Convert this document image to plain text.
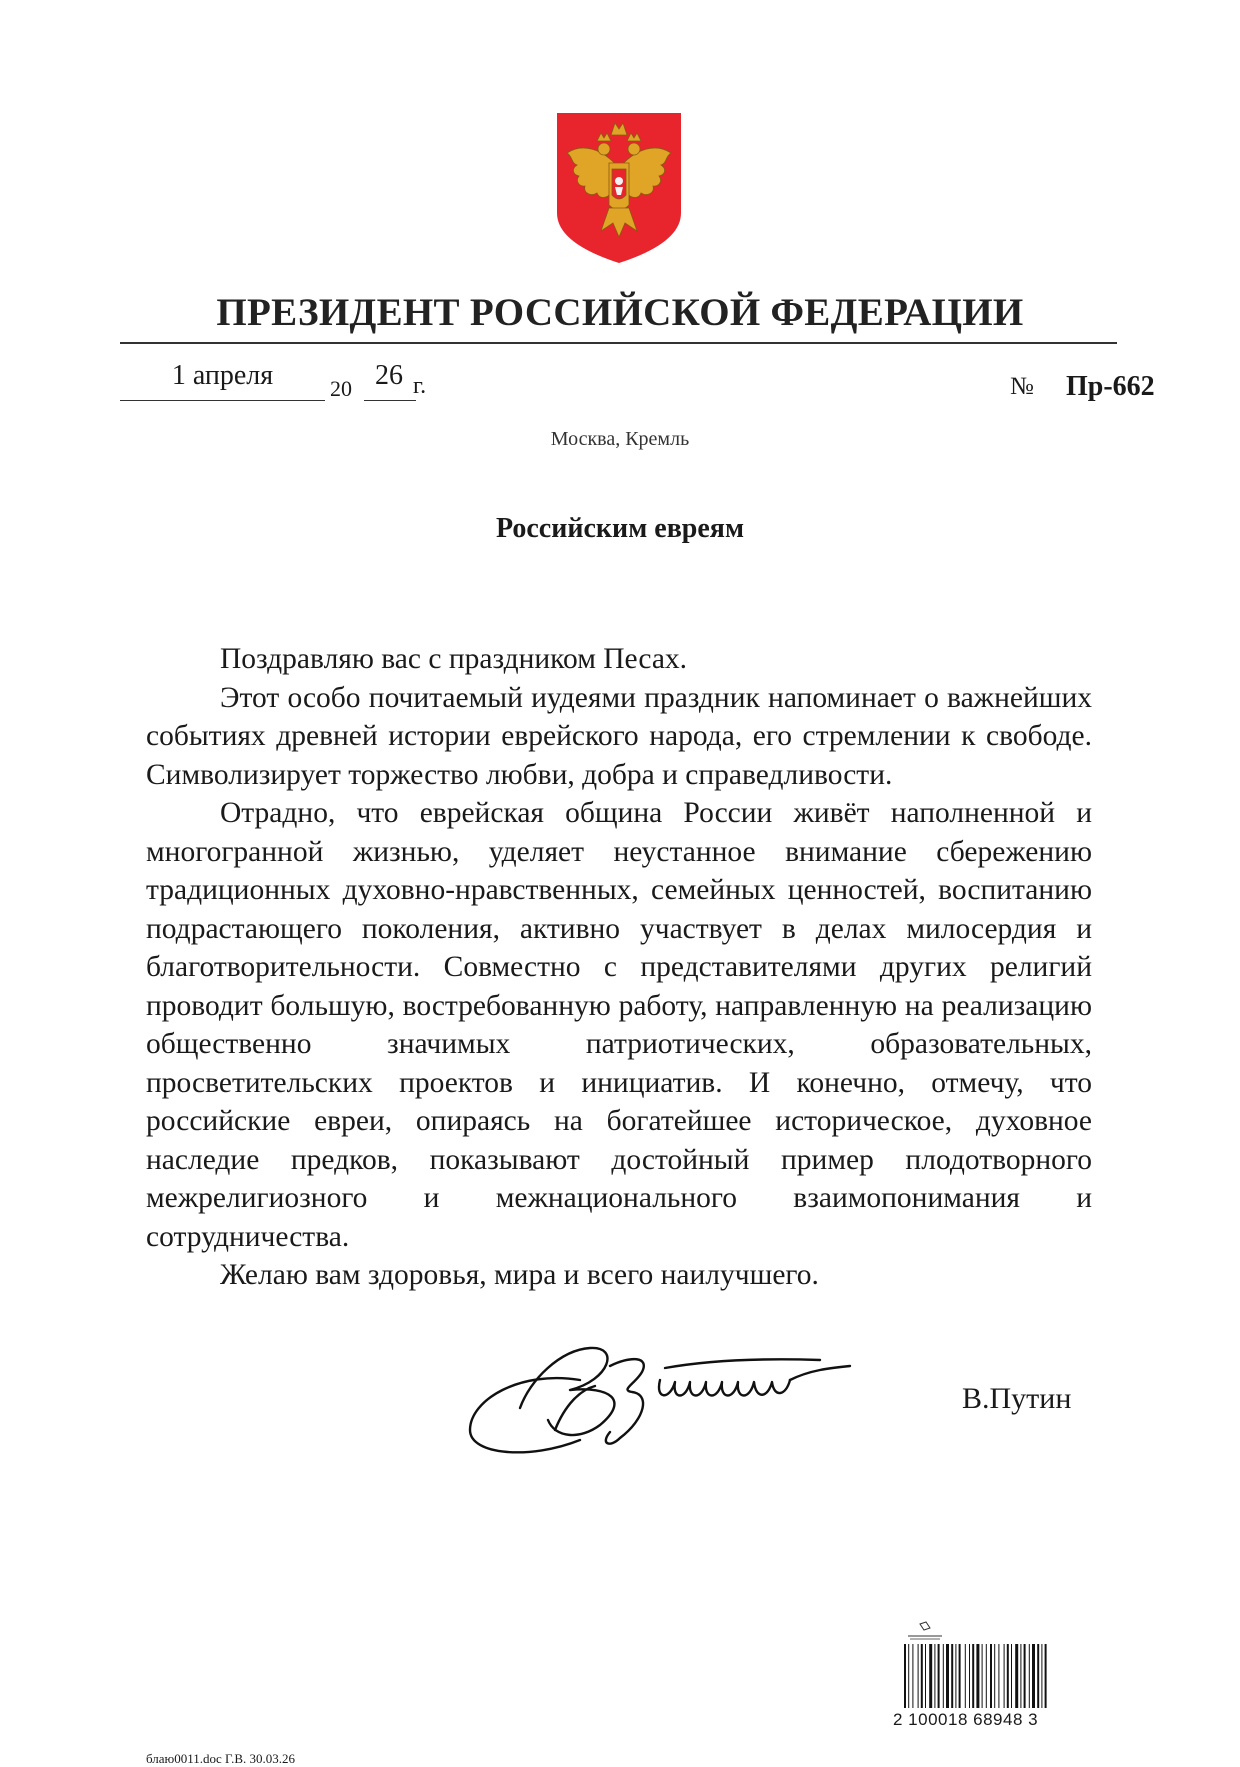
ПРЕЗИДЕНТ РОССИЙСКОЙ ФЕДЕРАЦИИ
1 апреля	20 26 г.	№ Пр-662
Москва, Кремль
Российским евреям

Поздравляю вас с праздником Песах.

Этот особо почитаемый иудеями праздник напоминает о важнейших событиях древней истории еврейского народа, его стремлении к свободе. Символизирует торжество любви, добра и справедливости.

Отрадно, что еврейская община России живёт наполненной и многогранной жизнью, уделяет неустанное внимание сбережению традиционных духовно-нравственных, семейных ценностей, воспитанию подрастающего поколения, активно участвует в делах милосердия и благотворительности. Совместно с представителями других религий проводит большую, востребованную работу, направленную на реализацию общественно значимых патриотических, образовательных, просветительских проектов и инициатив. И конечно, отмечу, что российские евреи, опираясь на богатейшее историческое, духовное наследие предков, показывают достойный пример плодотворного межрелигиозного и межнационального взаимопонимания и сотрудничества.

Желаю вам здоровья, мира и всего наилучшего.

В.Путин
2 100018 68948 3
блаю0011.doc Г.В. 30.03.26
